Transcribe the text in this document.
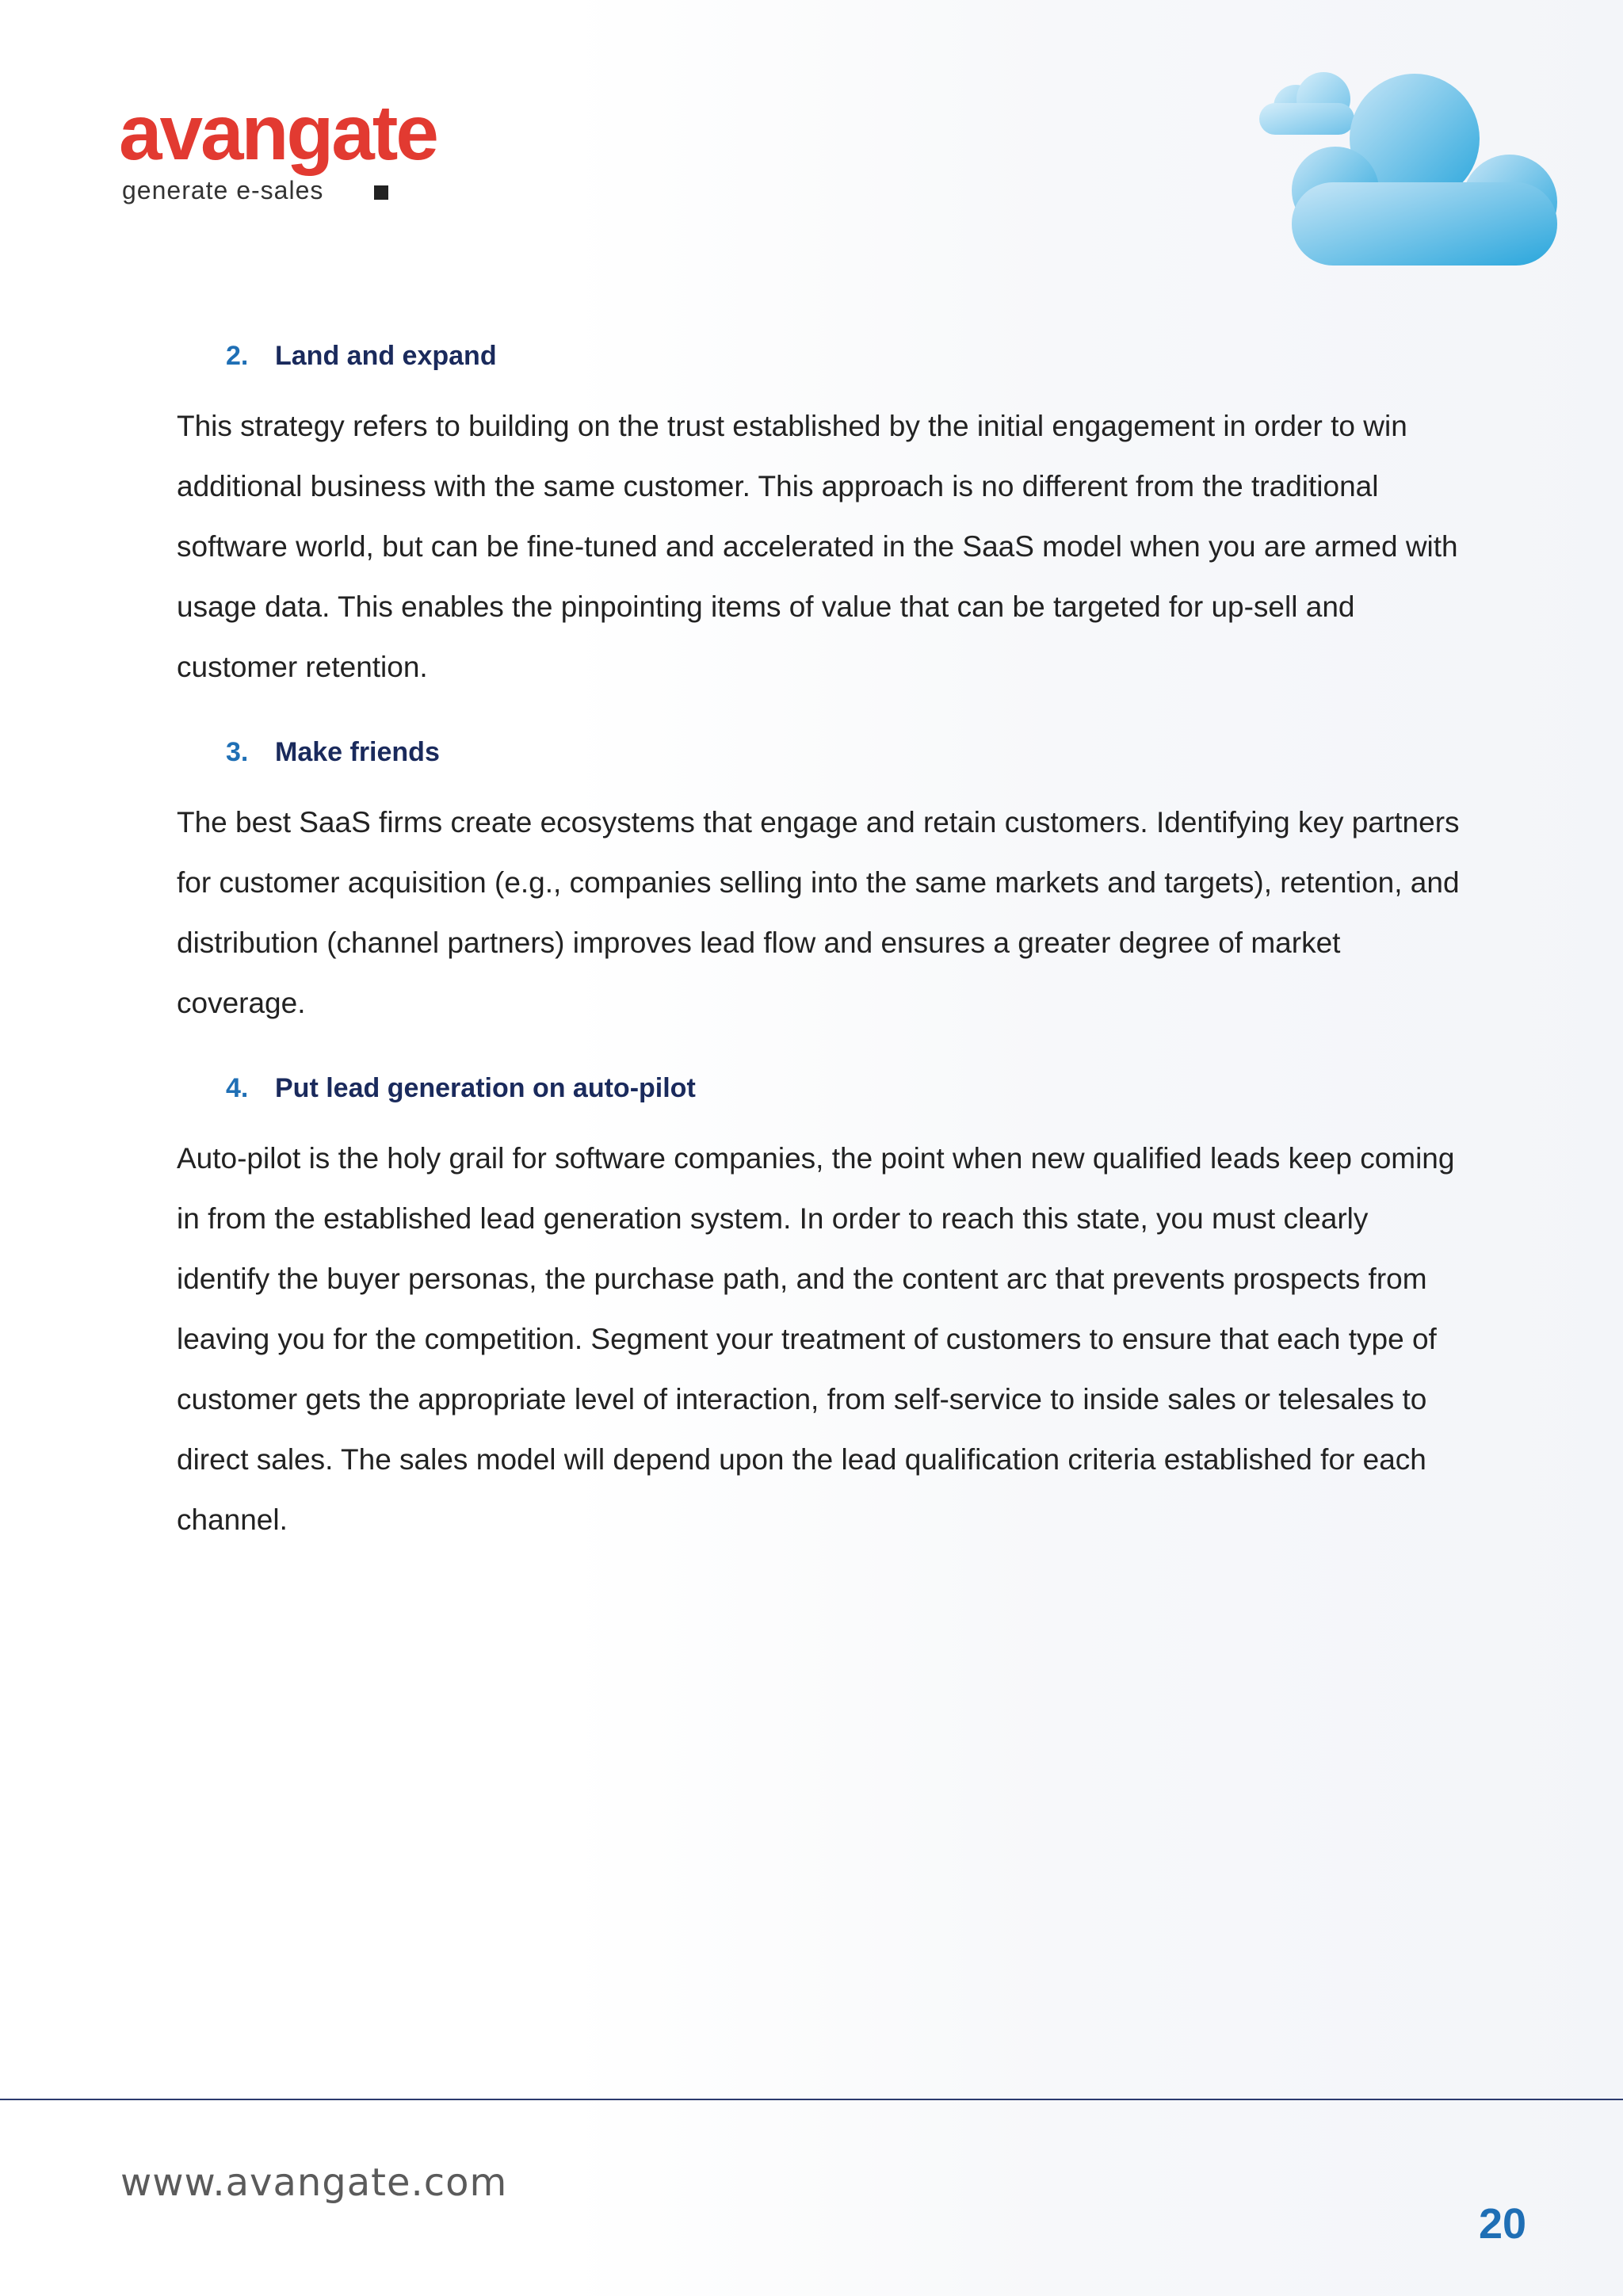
avangate
generate e-sales
2. Land and expand

This strategy refers to building on the trust established by the initial engagement in order to win additional business with the same customer. This approach is no different from the traditional software world, but can be fine-tuned and accelerated in the SaaS model when you are armed with usage data. This enables the pinpointing items of value that can be targeted for up-sell and customer retention.

3. Make friends

The best SaaS firms create ecosystems that engage and retain customers. Identifying key partners for customer acquisition (e.g., companies selling into the same markets and targets), retention, and distribution (channel partners) improves lead flow and ensures a greater degree of market coverage.

4. Put lead generation on auto-pilot

Auto-pilot is the holy grail for software companies, the point when new qualified leads keep coming in from the established lead generation system. In order to reach this state, you must clearly identify the buyer personas, the purchase path, and the content arc that prevents prospects from leaving you for the competition. Segment your treatment of customers to ensure that each type of customer gets the appropriate level of interaction, from self-service to inside sales or telesales to direct sales. The sales model will depend upon the lead qualification criteria established for each channel.

www.avangate.com
20
